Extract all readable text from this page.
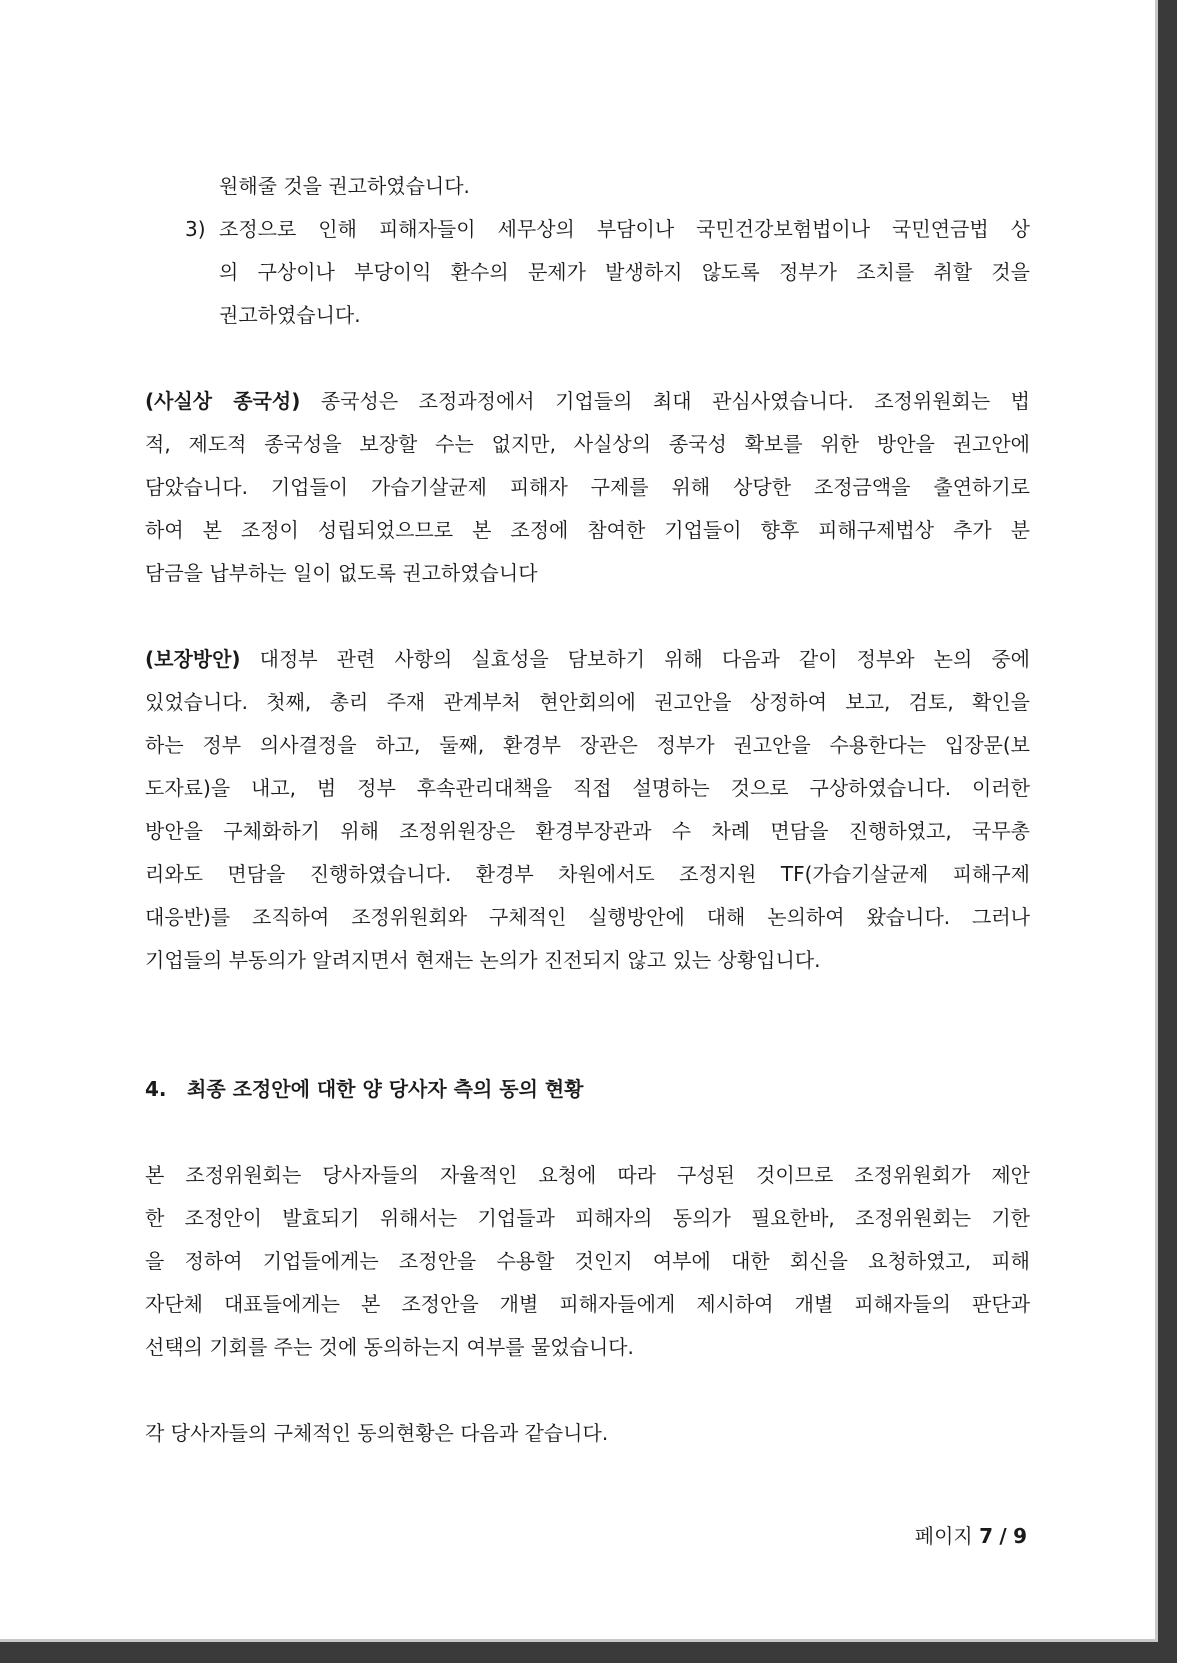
원해줄 것을 권고하였습니다.
3) 조정으로 인해 피해자들이 세무상의 부담이나 국민건강보험법이나 국민연금법 상
의 구상이나 부당이익 환수의 문제가 발생하지 않도록 정부가 조치를 취할 것을
권고하였습니다.
(사실상 종국성) 종국성은 조정과정에서 기업들의 최대 관심사였습니다. 조정위원회는 법
적, 제도적 종국성을 보장할 수는 없지만, 사실상의 종국성 확보를 위한 방안을 권고안에
담았습니다. 기업들이 가습기살균제 피해자 구제를 위해 상당한 조정금액을 출연하기로
하여 본 조정이 성립되었으므로 본 조정에 참여한 기업들이 향후 피해구제법상 추가 분
담금을 납부하는 일이 없도록 권고하였습니다
(보장방안) 대정부 관련 사항의 실효성을 담보하기 위해 다음과 같이 정부와 논의 중에
있었습니다. 첫째, 총리 주재 관계부처 현안회의에 권고안을 상정하여 보고, 검토, 확인을
하는 정부 의사결정을 하고, 둘째, 환경부 장관은 정부가 권고안을 수용한다는 입장문(보
도자료)을 내고, 범 정부 후속관리대책을 직접 설명하는 것으로 구상하였습니다. 이러한
방안을 구체화하기 위해 조정위원장은 환경부장관과 수 차례 면담을 진행하였고, 국무총
리와도 면담을 진행하였습니다. 환경부 차원에서도 조정지원 TF(가습기살균제 피해구제
대응반)를 조직하여 조정위원회와 구체적인 실행방안에 대해 논의하여 왔습니다. 그러나
기업들의 부동의가 알려지면서 현재는 논의가 진전되지 않고 있는 상황입니다.
4. 최종 조정안에 대한 양 당사자 측의 동의 현황
본 조정위원회는 당사자들의 자율적인 요청에 따라 구성된 것이므로 조정위원회가 제안
한 조정안이 발효되기 위해서는 기업들과 피해자의 동의가 필요한바, 조정위원회는 기한
을 정하여 기업들에게는 조정안을 수용할 것인지 여부에 대한 회신을 요청하였고, 피해
자단체 대표들에게는 본 조정안을 개별 피해자들에게 제시하여 개별 피해자들의 판단과
선택의 기회를 주는 것에 동의하는지 여부를 물었습니다.
각 당사자들의 구체적인 동의현황은 다음과 같습니다.
페이지 7 / 9
